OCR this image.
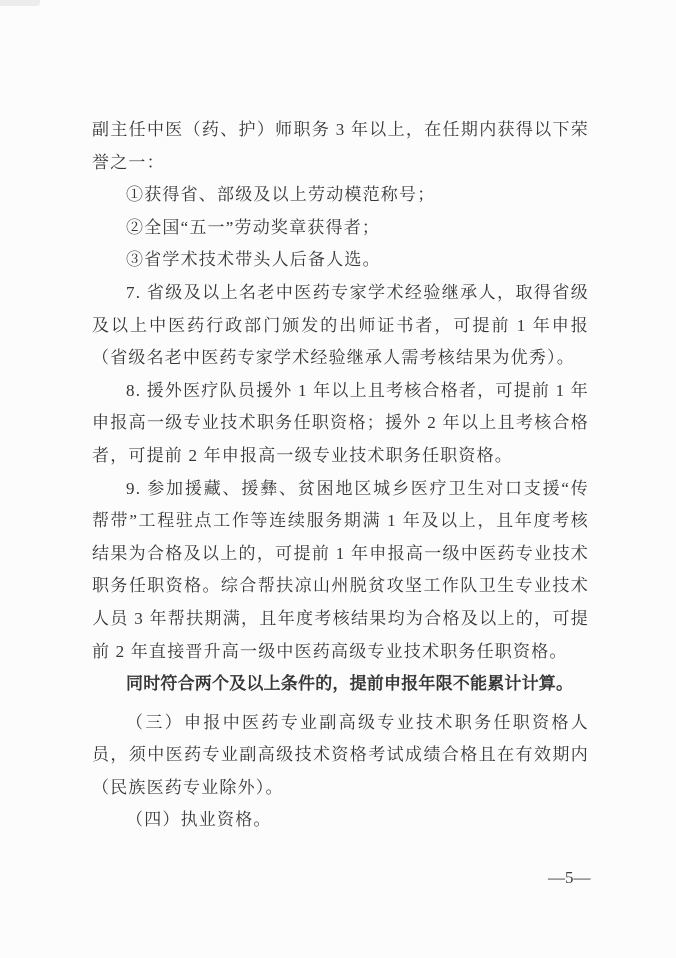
副主任中医（药、护）师职务 3 年以上，在任期内获得以下荣誉之一：

①获得省、部级及以上劳动模范称号；

②全国“五一”劳动奖章获得者；

③省学术技术带头人后备人选。

7. 省级及以上名老中医药专家学术经验继承人，取得省级及以上中医药行政部门颁发的出师证书者，可提前 1 年申报（省级名老中医药专家学术经验继承人需考核结果为优秀）。

8. 援外医疗队员援外 1 年以上且考核合格者，可提前 1 年申报高一级专业技术职务任职资格；援外 2 年以上且考核合格者，可提前 2 年申报高一级专业技术职务任职资格。

9. 参加援藏、援彝、贫困地区城乡医疗卫生对口支援“传帮带”工程驻点工作等连续服务期满 1 年及以上，且年度考核结果为合格及以上的，可提前 1 年申报高一级中医药专业技术职务任职资格。综合帮扶凉山州脱贫攻坚工作队卫生专业技术人员 3 年帮扶期满，且年度考核结果均为合格及以上的，可提前 2 年直接晋升高一级中医药高级专业技术职务任职资格。

同时符合两个及以上条件的，提前申报年限不能累计计算。

（三）申报中医药专业副高级专业技术职务任职资格人员，须中医药专业副高级技术资格考试成绩合格且在有效期内（民族医药专业除外）。

（四）执业资格。

—5—
